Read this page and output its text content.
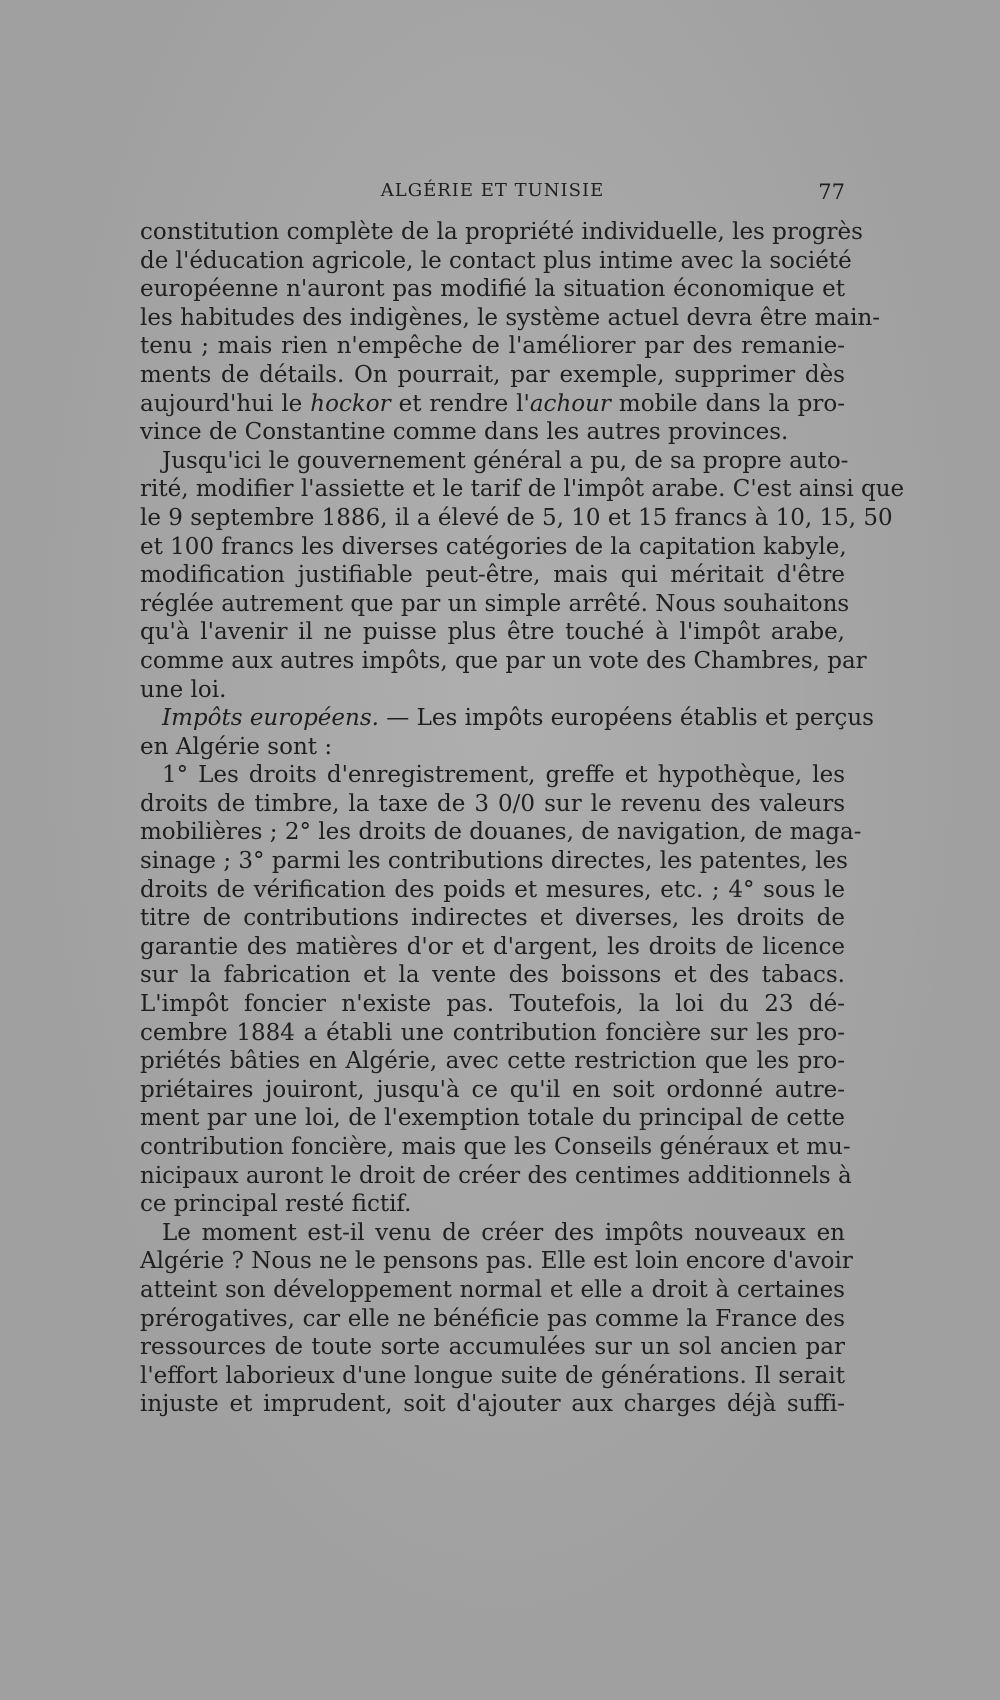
ALGÉRIE ET TUNISIE	77
constitution complète de la propriété individuelle, les progrès
de l'éducation agricole, le contact plus intime avec la société
européenne n'auront pas modifié la situation économique et
les habitudes des indigènes, le système actuel devra être main-
tenu ; mais rien n'empêche de l'améliorer par des remanie-
ments de détails. On pourrait, par exemple, supprimer dès
aujourd'hui le hockor et rendre l'achour mobile dans la pro-
vince de Constantine comme dans les autres provinces.
Jusqu'ici le gouvernement général a pu, de sa propre auto-
rité, modifier l'assiette et le tarif de l'impôt arabe. C'est ainsi que
le 9 septembre 1886, il a élevé de 5, 10 et 15 francs à 10, 15, 50
et 100 francs les diverses catégories de la capitation kabyle,
modification justifiable peut-être, mais qui méritait d'être
réglée autrement que par un simple arrêté. Nous souhaitons
qu'à l'avenir il ne puisse plus être touché à l'impôt arabe,
comme aux autres impôts, que par un vote des Chambres, par
une loi.
Impôts européens. — Les impôts européens établis et perçus
en Algérie sont :
1° Les droits d'enregistrement, greffe et hypothèque, les
droits de timbre, la taxe de 3 0/0 sur le revenu des valeurs
mobilières ; 2° les droits de douanes, de navigation, de maga-
sinage ; 3° parmi les contributions directes, les patentes, les
droits de vérification des poids et mesures, etc. ; 4° sous le
titre de contributions indirectes et diverses, les droits de
garantie des matières d'or et d'argent, les droits de licence
sur la fabrication et la vente des boissons et des tabacs.
L'impôt foncier n'existe pas. Toutefois, la loi du 23 dé-
cembre 1884 a établi une contribution foncière sur les pro-
priétés bâties en Algérie, avec cette restriction que les pro-
priétaires jouiront, jusqu'à ce qu'il en soit ordonné autre-
ment par une loi, de l'exemption totale du principal de cette
contribution foncière, mais que les Conseils généraux et mu-
nicipaux auront le droit de créer des centimes additionnels à
ce principal resté fictif.
Le moment est-il venu de créer des impôts nouveaux en
Algérie ? Nous ne le pensons pas. Elle est loin encore d'avoir
atteint son développement normal et elle a droit à certaines
prérogatives, car elle ne bénéficie pas comme la France des
ressources de toute sorte accumulées sur un sol ancien par
l'effort laborieux d'une longue suite de générations. Il serait
injuste et imprudent, soit d'ajouter aux charges déjà suffi-
